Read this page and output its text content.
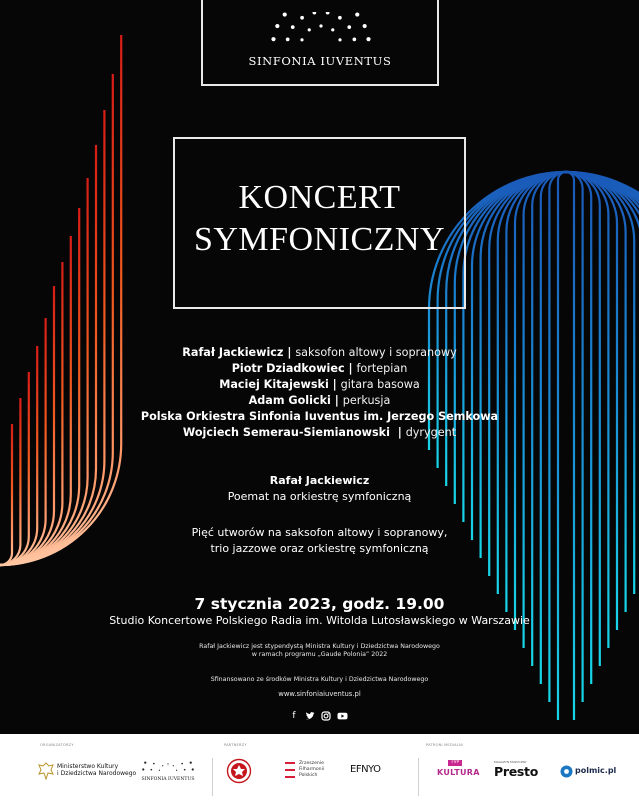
SINFONIA IUVENTUS
KONCERT
SYMFONICZNY
Rafał Jackiewicz | saksofon altowy i sopranowy
Piotr Dziadkowiec | fortepian
Maciej Kitajewski | gitara basowa
Adam Golicki | perkusja
Polska Orkiestra Sinfonia Iuventus im. Jerzego Semkowa
Wojciech Semerau-Siemianowski  | dyrygent
Rafał Jackiewicz
Poemat na orkiestrę symfoniczną
Pięć utworów na saksofon altowy i sopranowy,
trio jazzowe oraz orkiestrę symfoniczną
7 stycznia 2023, godz. 19.00
Studio Koncertowe Polskiego Radia im. Witolda Lutosławskiego w Warszawie
Rafał Jackiewicz jest stypendystą Ministra Kultury i Dziedzictwa Narodowego
w ramach programu „Gaude Polonia” 2022
Sfinansowano ze środków Ministra Kultury i Dziedzictwa Narodowego
www.sinfoniaiuventus.pl
f
ORGANIZATORZY	PARTNERZY	PATRONI MEDIALNI
Ministerstwo Kultury
i Dziedzictwa Narodowego
SINFONIA IUVENTUS
Zrzeszenie
Filharmonii
Polskich
EFNYO
TVP
KULTURA
MAGAZYN MUZYCZNY
Presto	polmic.pl
